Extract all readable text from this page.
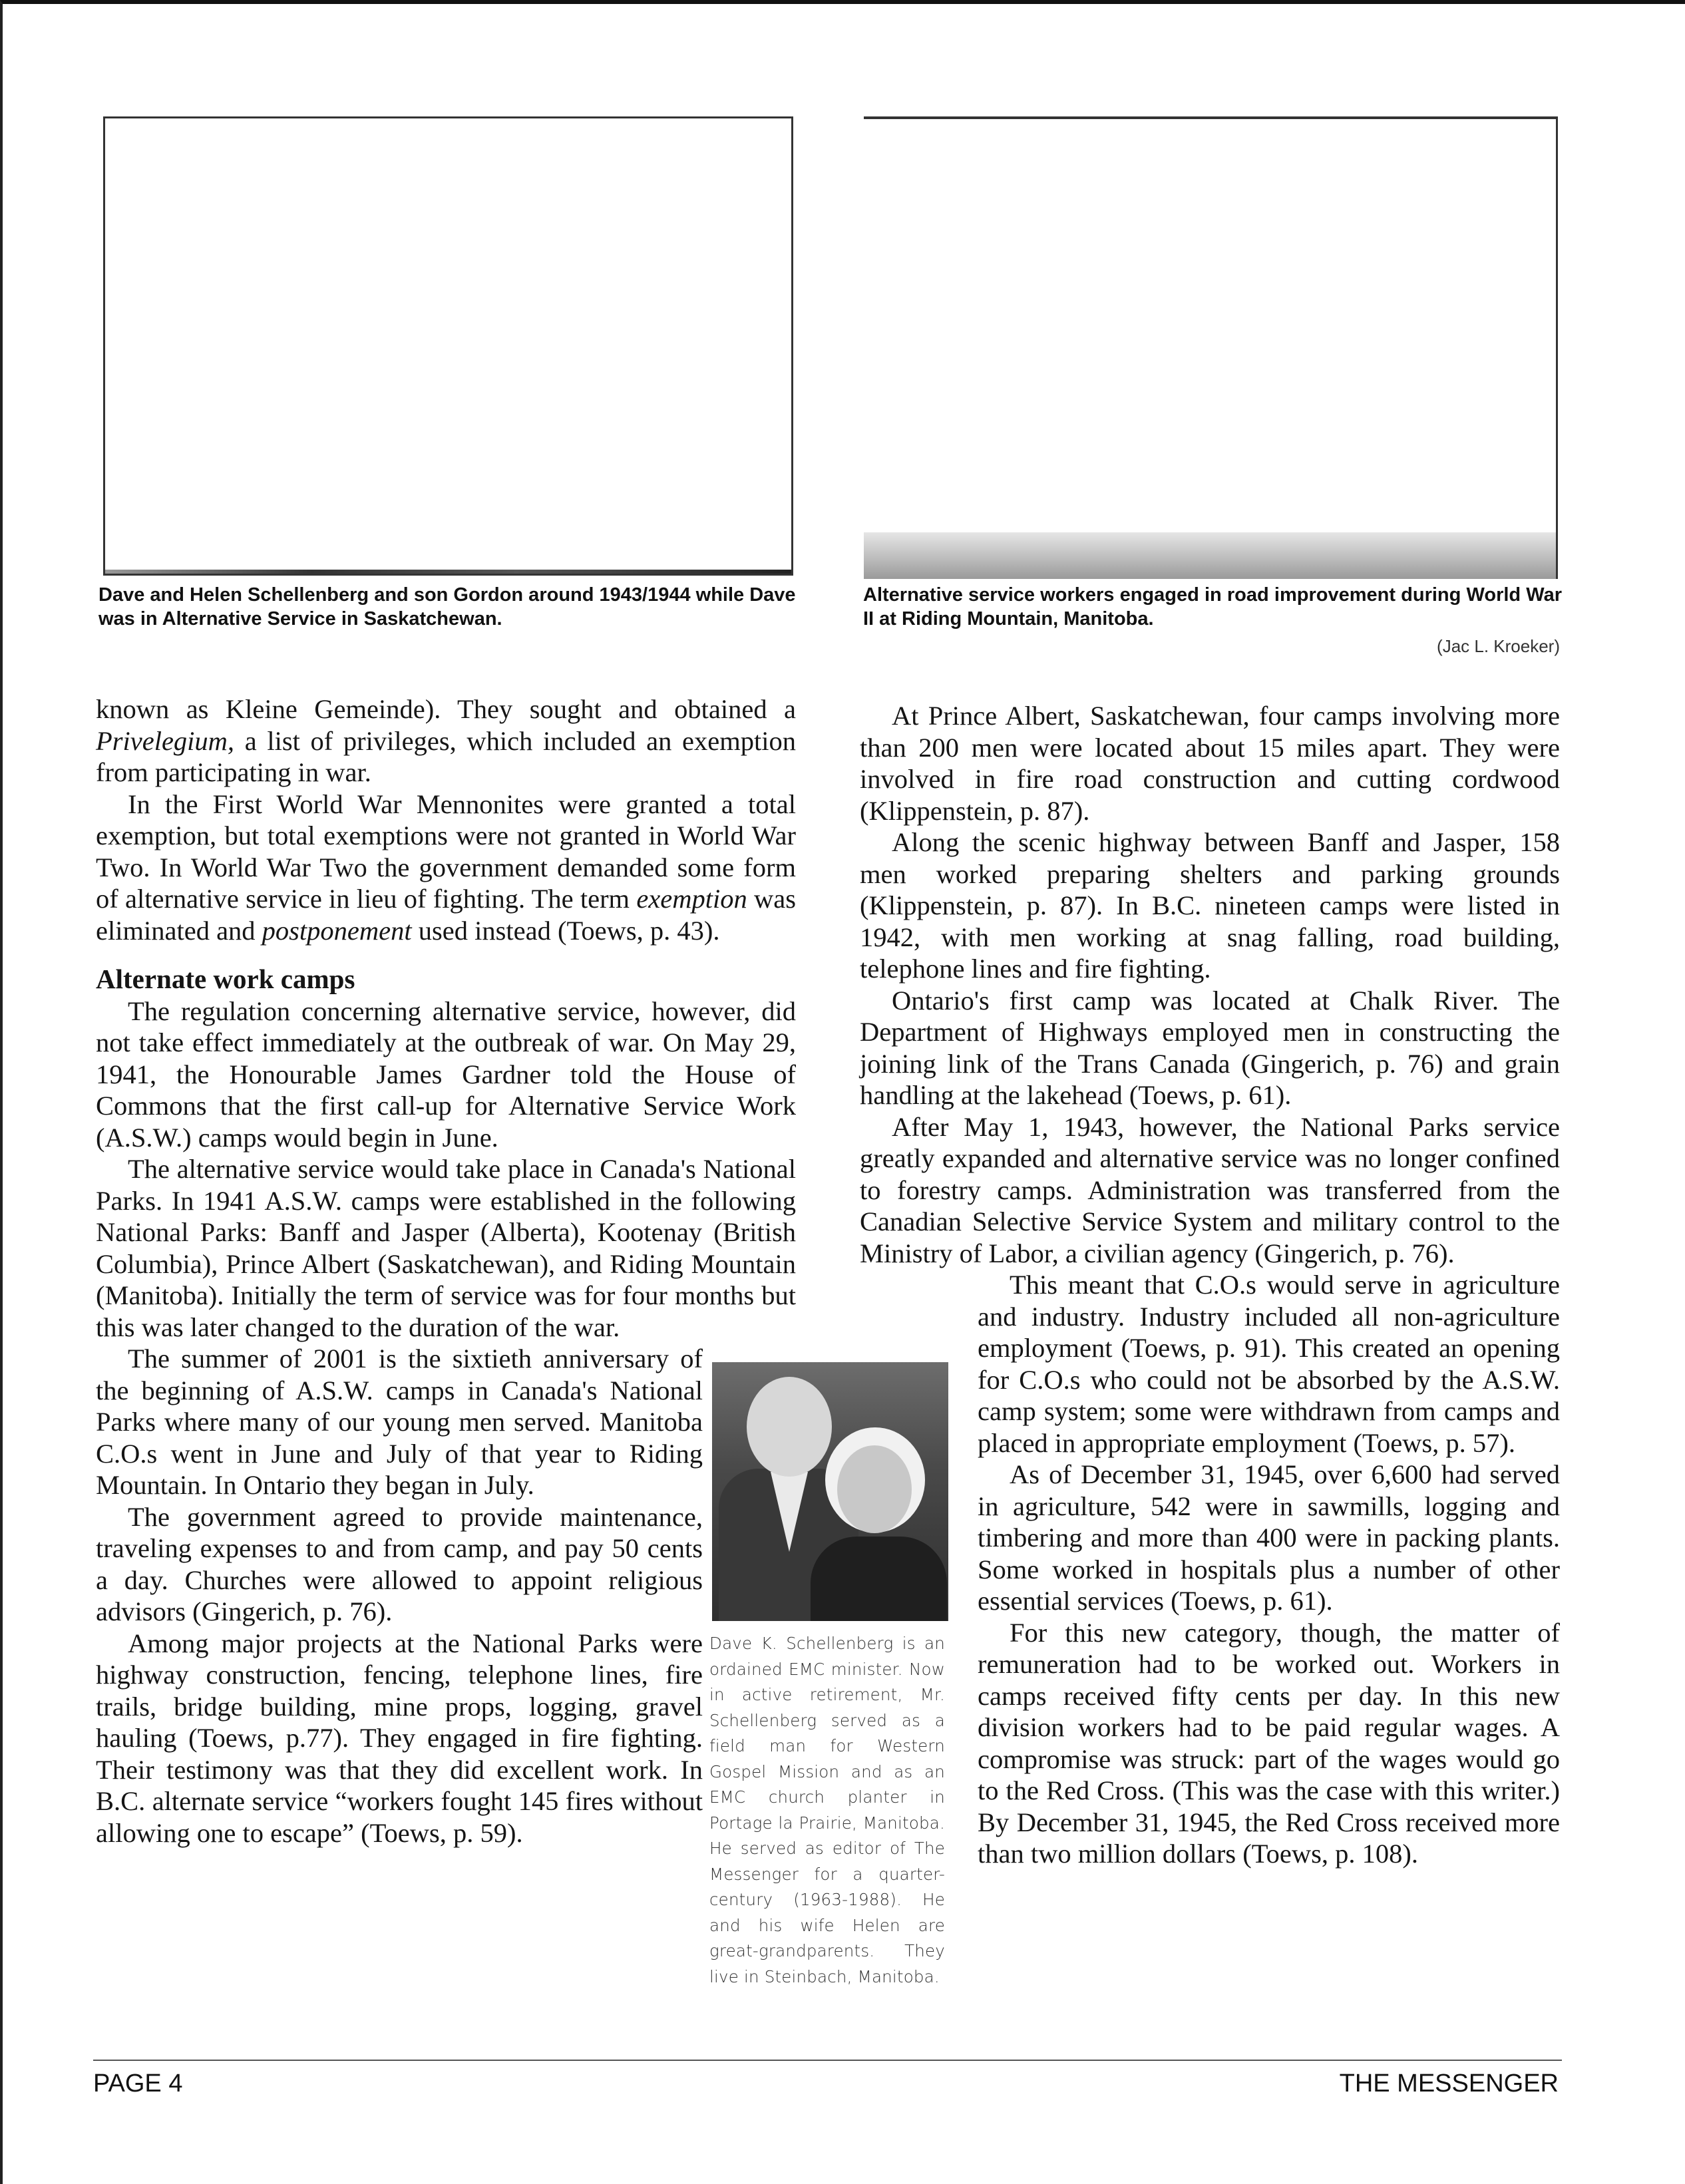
Dave and Helen Schellenberg and son Gordon around 1943/1944 while Dave was in Alternative Service in Saskatchewan.

Alternative service workers engaged in road improvement during World War II at Riding Mountain, Manitoba.

(Jac L. Kroeker)

known as Kleine Gemeinde). They sought and obtained a Privelegium, a list of privileges, which included an exemption from participating in war.

In the First World War Mennonites were granted a total exemption, but total exemptions were not granted in World War Two. In World War Two the government demanded some form of alternative service in lieu of fighting. The term exemption was eliminated and postponement used instead (Toews, p. 43).

Alternate work camps

The regulation concerning alternative service, however, did not take effect immediately at the outbreak of war. On May 29, 1941, the Honourable James Gardner told the House of Commons that the first call-up for Alternative Service Work (A.S.W.) camps would begin in June.

The alternative service would take place in Canada's National Parks. In 1941 A.S.W. camps were established in the following National Parks: Banff and Jasper (Alberta), Kootenay (British Columbia), Prince Albert (Saskatchewan), and Riding Mountain (Manitoba). Initially the term of service was for four months but this was later changed to the duration of the war.

The summer of 2001 is the sixtieth anniversary of the beginning of A.S.W. camps in Canada's National Parks where many of our young men served. Manitoba C.O.s went in June and July of that year to Riding Mountain. In Ontario they began in July.

The government agreed to provide maintenance, traveling expenses to and from camp, and pay 50 cents a day. Churches were allowed to appoint religious advisors (Gingerich, p. 76).

Among major projects at the National Parks were highway construction, fencing, telephone lines, fire trails, bridge building, mine props, logging, gravel hauling (Toews, p.77). They engaged in fire fighting. Their testimony was that they did excellent work. In B.C. alternate service “workers fought 145 fires without allowing one to escape” (Toews, p. 59).

Dave K. Schellenberg is an ordained EMC minister. Now in active retirement, Mr. Schellenberg served as a field man for Western Gospel Mission and as an EMC church planter in Portage la Prairie, Manitoba. He served as editor of The Messenger for a quarter-century (1963-1988). He and his wife Helen are great-grandparents. They live in Steinbach, Manitoba.

At Prince Albert, Saskatchewan, four camps involving more than 200 men were located about 15 miles apart. They were involved in fire road construction and cutting cordwood (Klippenstein, p. 87).

Along the scenic highway between Banff and Jasper, 158 men worked preparing shelters and parking grounds (Klippenstein, p. 87). In B.C. nineteen camps were listed in 1942, with men working at snag falling, road building, telephone lines and fire fighting.

Ontario's first camp was located at Chalk River. The Department of Highways employed men in constructing the joining link of the Trans Canada (Gingerich, p. 76) and grain handling at the lakehead (Toews, p. 61).

After May 1, 1943, however, the National Parks service greatly expanded and alternative service was no longer confined to forestry camps. Administration was transferred from the Canadian Selective Service System and military control to the Ministry of Labor, a civilian agency (Gingerich, p. 76).

This meant that C.O.s would serve in agriculture and industry. Industry included all non-agriculture employment (Toews, p. 91). This created an opening for C.O.s who could not be absorbed by the A.S.W. camp system; some were withdrawn from camps and placed in appropriate employment (Toews, p. 57).

As of December 31, 1945, over 6,600 had served in agriculture, 542 were in sawmills, logging and timbering and more than 400 were in packing plants. Some worked in hospitals plus a number of other essential services (Toews, p. 61).

For this new category, though, the matter of remuneration had to be worked out. Workers in camps received fifty cents per day. In this new division workers had to be paid regular wages. A compromise was struck: part of the wages would go to the Red Cross. (This was the case with this writer.) By December 31, 1945, the Red Cross received more than two million dollars (Toews, p. 108).

PAGE 4	THE MESSENGER
